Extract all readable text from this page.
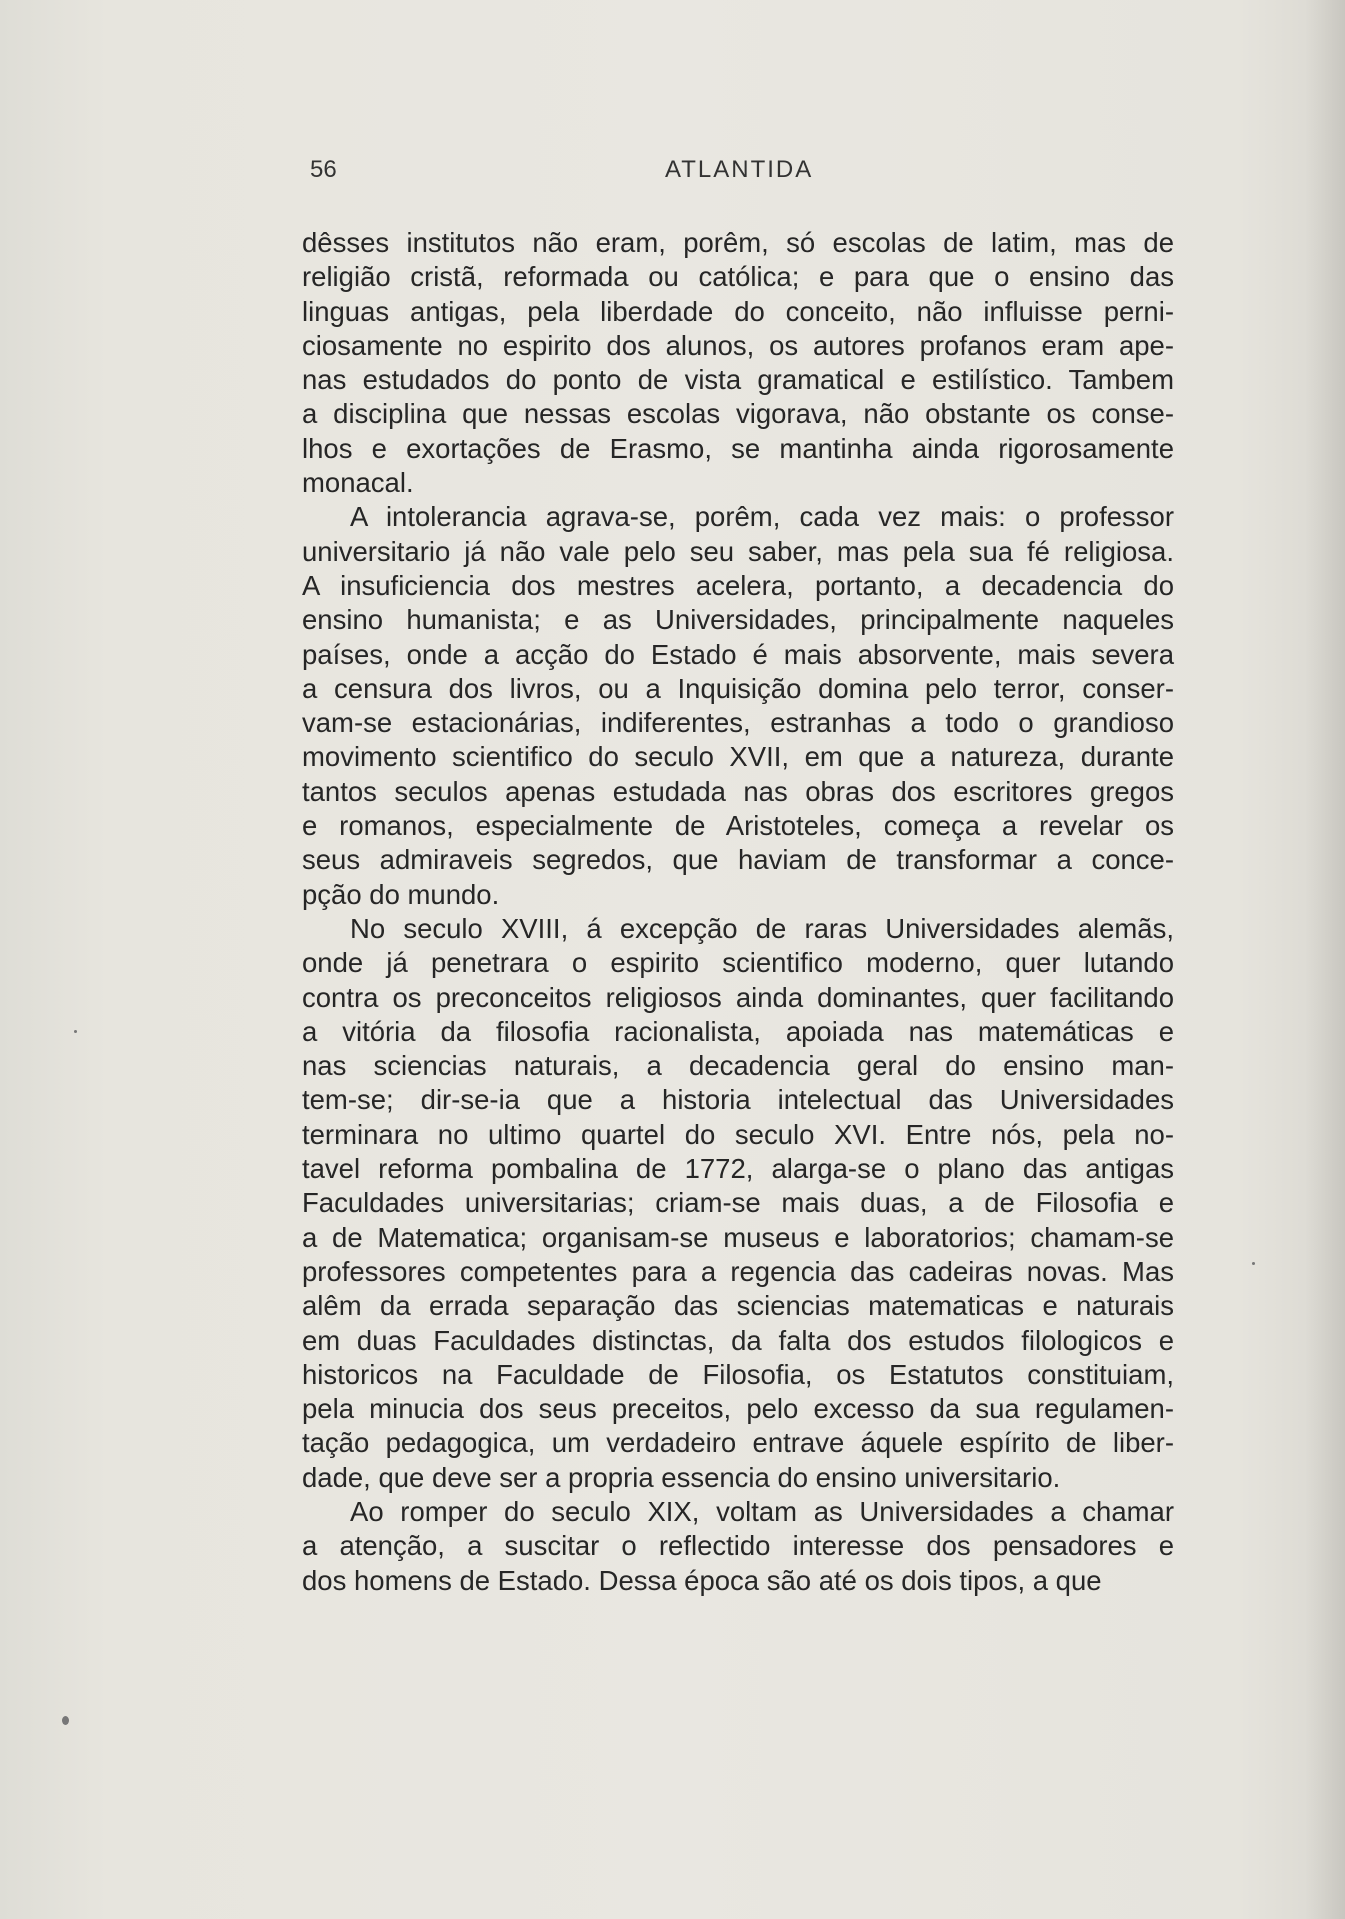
56	ATLANTIDA
dêsses institutos não eram, porêm, só escolas de latim, mas de
religião cristã, reformada ou católica; e para que o ensino das
linguas antigas, pela liberdade do conceito, não influisse perni-
ciosamente no espirito dos alunos, os autores profanos eram ape-
nas estudados do ponto de vista gramatical e estilístico. Tambem
a disciplina que nessas escolas vigorava, não obstante os conse-
lhos e exortações de Erasmo, se mantinha ainda rigorosamente
monacal.
A intolerancia agrava-se, porêm, cada vez mais: o professor
universitario já não vale pelo seu saber, mas pela sua fé religiosa.
A insuficiencia dos mestres acelera, portanto, a decadencia do
ensino humanista; e as Universidades, principalmente naqueles
países, onde a acção do Estado é mais absorvente, mais severa
a censura dos livros, ou a Inquisição domina pelo terror, conser-
vam-se estacionárias, indiferentes, estranhas a todo o grandioso
movimento scientifico do seculo XVII, em que a natureza, durante
tantos seculos apenas estudada nas obras dos escritores gregos
e romanos, especialmente de Aristoteles, começa a revelar os
seus admiraveis segredos, que haviam de transformar a conce-
pção do mundo.
No seculo XVIII, á excepção de raras Universidades alemãs,
onde já penetrara o espirito scientifico moderno, quer lutando
contra os preconceitos religiosos ainda dominantes, quer facilitando
a vitória da filosofia racionalista, apoiada nas matemáticas e
nas sciencias naturais, a decadencia geral do ensino man-
tem-se; dir-se-ia que a historia intelectual das Universidades
terminara no ultimo quartel do seculo XVI. Entre nós, pela no-
tavel reforma pombalina de 1772, alarga-se o plano das antigas
Faculdades universitarias; criam-se mais duas, a de Filosofia e
a de Matematica; organisam-se museus e laboratorios; chamam-se
professores competentes para a regencia das cadeiras novas. Mas
alêm da errada separação das sciencias matematicas e naturais
em duas Faculdades distinctas, da falta dos estudos filologicos e
historicos na Faculdade de Filosofia, os Estatutos constituiam,
pela minucia dos seus preceitos, pelo excesso da sua regulamen-
tação pedagogica, um verdadeiro entrave áquele espírito de liber-
dade, que deve ser a propria essencia do ensino universitario.
Ao romper do seculo XIX, voltam as Universidades a chamar
a atenção, a suscitar o reflectido interesse dos pensadores e
dos homens de Estado. Dessa época são até os dois tipos, a que
